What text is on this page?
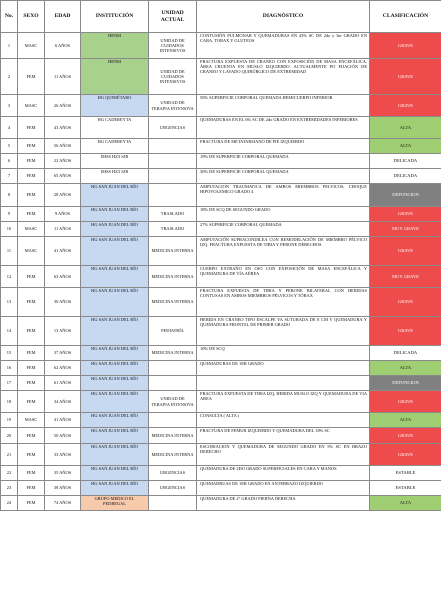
No.	SEXO	EDAD	INSTITUCIÓN	UNIDAD ACTUAL	DIAGNÓSTICO	CLASIFICACIÓN
1	MASC	6 AÑOS	HENM	UNIDAD DE CUIDADOS INTENSIVOS	CONTUSIÓN PULMONAR Y QUEMADURAS EN 43% SC DE 2do y 3er GRADO EN CARA, TORAX Y GLUTEOS	GRAVE
2	FEM	11 AÑOS	HENM	UNIDAD DE CUIDADOS INTENSIVOS	FRACTURA EXPUESTA DE CRANEO CON EXPOSICIÓN DE MASA ENCEFÁLICA, ÁREA CRUENTA EN MUSLO IZQUIERDO. ACTUALMENTE PO FIJACIÓN DE CRANEO Y LAVADO QUIRÚRGICO DE EXTREMIDAD	GRAVE
3	MASC	26 AÑOS	HG QUERÉTARO	UNIDAD DE TERAPIA INTENSIVA	50% SUPERFICIE CORPORAL QUEMADA HEMICUERPO INFERIOR	GRAVE
4	FEM	43 AÑOS	HG CADEREYTA	URGENCIAS	QUEMADURAS EN EL 6% SC DE 2do GRADO EN EXTREMIDADES INFERIORES	ALTA
5	FEM	56 AÑOS	HG CADEREYTA		FRACTURA DE METATARSIANO DE PIE IZQUIERDO	ALTA
6	FEM	22 AÑOS	IMSS HZ3 SJR		19% DE SUPERFICIE CORPORAL QUEMADA	DELICADA
7	FEM	65 AÑOS	IMSS HZ3 SJR		30% DE SUPERFICIE CORPORAL QUEMADA	DELICADA
8	FEM	28 AÑOS	HG SAN JUAN DEL RÍO		AMPUTACION TRAUMATICA DE AMBOS MIEMBROS PELVICOS, CHOQUE HIPOVOLEMICO GRADO 4	DEFUNCION
9	FEM	9 AÑOS	HG SAN JUAN DEL RÍO	TRASLADO	18% DE SCQ DE SEGUNDO GRADO	GRAVE
10	MASC	11 AÑOS	HG SAN JUAN DEL RÍO	TRASLADO	27% SUPERFICIE CORPORAL QUEMADA	MUY GRAVE
11	MASC	41 AÑOS	HG SAN JUAN DEL RÍO	MEDICINA INTERNA	AMPUTACIÓN SUPRACONDILEA CON REMODELACIÓN DE MIEMBRO PÉLVICO IZQ. FRACTURA EXPUESTA DE TIBIA Y PERONE DERECHOS	GRAVE
12	FEM	63 AÑOS	HG SAN JUAN DEL RÍO	MEDICINA INTERNA	CUERPO EXTRAÑO EN OJO CON EXPOSICIÓN DE MASA ENCEFÁLICA Y QUEMADURA DE VÍA AÉREA	MUY GRAVE
13	FEM	30 AÑOS	HG SAN JUAN DEL RÍO	MEDICINA INTERNA	FRACTURA EXPUESTA DE TIBIA Y PERONE BILATERAL CON HERIDAS CONTUSAS EN AMBOS MIEMBROS PÉLVICOS Y TÓRAX	GRAVE
14	FEM	13 AÑOS	HG SAN JUAN DEL RÍO	PEDIATRÍA	HERIDA EN CRANEO TIPO ESCALPE YA SUTURADA DE 8 CM Y QUEMADURA Y QUEMADURA FRONTAL DE PRIMER GRADO	GRAVE
15	FEM	37 AÑOS	HG SAN JUAN DEL RÍO	MEDICINA INTERNA	10% DE SCQ	DELICADA
16	FEM	62 AÑOS	HG SAN JUAN DEL RÍO		QUEMADURAS DE 1ER GRADO	ALTA
17	FEM	61 AÑOS	HG SAN JUAN DEL RÍO			DEFUNCION
18	FEM	34 AÑOS	HG SAN JUAN DEL RÍO	UNIDAD DE TERAPIA INTENSIVA	FRACTURA EXPUESTA DE TIBIA IZQ, HERIDA MUSLO IZQ Y QUEMADURA DE VIA AREA	GRAVE
19	MASC	41 AÑOS	HG SAN JUAN DEL RÍO		CONSULTA ( ALTA )	ALTA
20	FEM	50 AÑOS	HG SAN JUAN DEL RÍO	MEDICINA INTERNA	FRACTURA DE FEMUR IZQUIERDO Y QUEMADURA DEL 18% SC	GRAVE
21	FEM	33 AÑOS	HG SAN JUAN DEL RÍO	MEDICINA INTERNA	ESCORIACION Y QUEMADURA DE SEGUNDO GRADO EN 5% SC EN BRAZO DERECHO	GRAVE
22	FEM	35 AÑOS	HG SAN JUAN DEL RÍO	URGENCIAS	QUEMADURA DE 2DO GRADO SUPERFICIALES EN CARA Y MANOS	ESTABLE
23	FEM	38 AÑOS	HG SAN JUAN DEL RÍO	URGENCIAS	QUEMADRUAS DE 1ER GRADO EN ANTEBRAZO IZQUIERDO	ESTABLE
24	FEM	74 AÑOS	GRUPO MEDICO EL PEDREGAL		QUEMADURA DE 2° GRADO PIERNA DERECHA	ALTA
